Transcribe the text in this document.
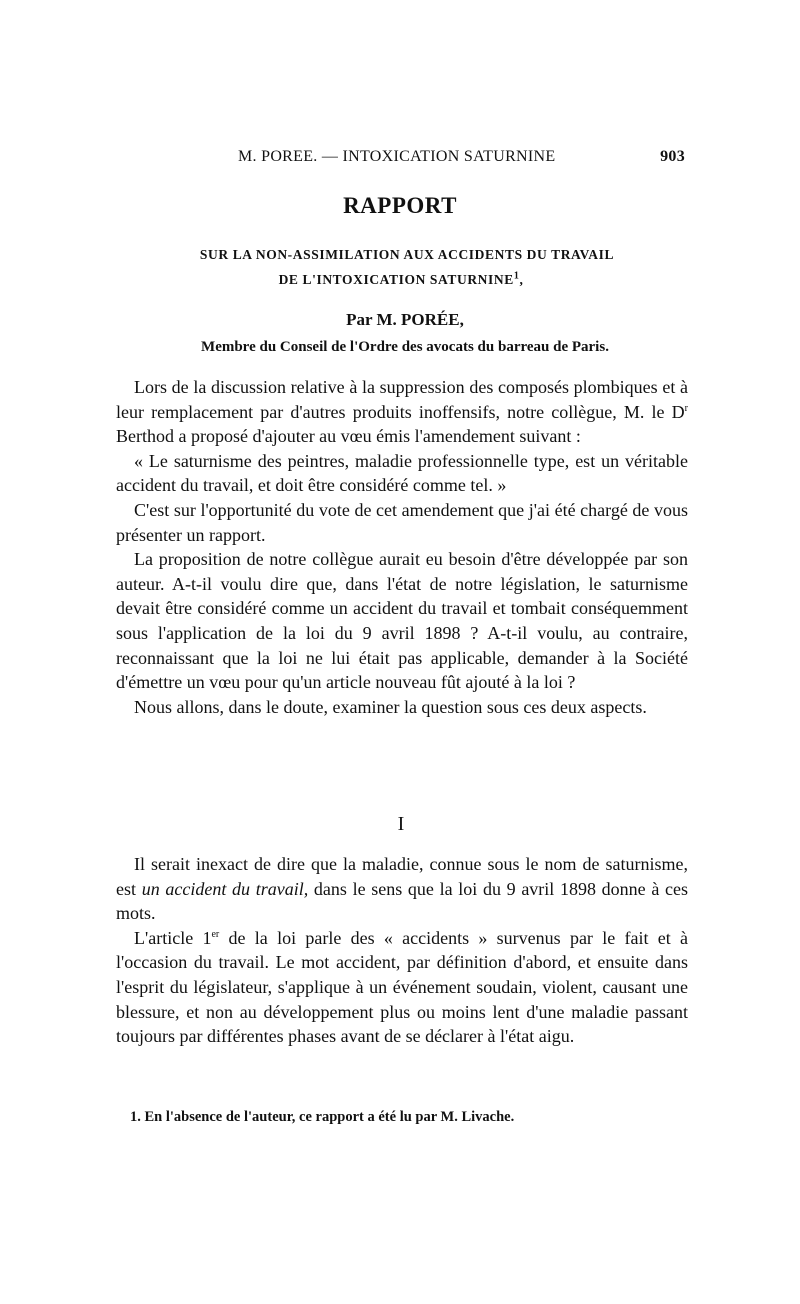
M. POREE. — INTOXICATION SATURNINE	903
RAPPORT
SUR LA NON-ASSIMILATION AUX ACCIDENTS DU TRAVAIL
DE L'INTOXICATION SATURNINE$^1$,
Par M. PORÉE,
Membre du Conseil de l'Ordre des avocats du barreau de Paris.

Lors de la discussion relative à la suppression des composés plombiques et à leur remplacement par d'autres produits inoffensifs, notre collègue, M. le $D^r$ Berthod a proposé d'ajouter au vœu émis l'amendement suivant :

« Le saturnisme des peintres, maladie professionnelle type, est un véritable accident du travail, et doit être considéré comme tel. »

C'est sur l'opportunité du vote de cet amendement que j'ai été chargé de vous présenter un rapport.

La proposition de notre collègue aurait eu besoin d'être développée par son auteur. A-t-il voulu dire que, dans l'état de notre législation, le saturnisme devait être considéré comme un accident du travail et tombait conséquemment sous l'application de la loi du 9 avril 1898 ? A-t-il voulu, au contraire, reconnaissant que la loi ne lui était pas applicable, demander à la Société d'émettre un vœu pour qu'un article nouveau fût ajouté à la loi ?

Nous allons, dans le doute, examiner la question sous ces deux aspects.

I

Il serait inexact de dire que la maladie, connue sous le nom de saturnisme, est un accident du travail, dans le sens que la loi du 9 avril 1898 donne à ces mots.

L'article 1er de la loi parle des « accidents » survenus par le fait et à l'occasion du travail. Le mot accident, par définition d'abord, et ensuite dans l'esprit du législateur, s'applique à un événement soudain, violent, causant une blessure, et non au développement plus ou moins lent d'une maladie passant toujours par différentes phases avant de se déclarer à l'état aigu.

1. En l'absence de l'auteur, ce rapport a été lu par M. Livache.
